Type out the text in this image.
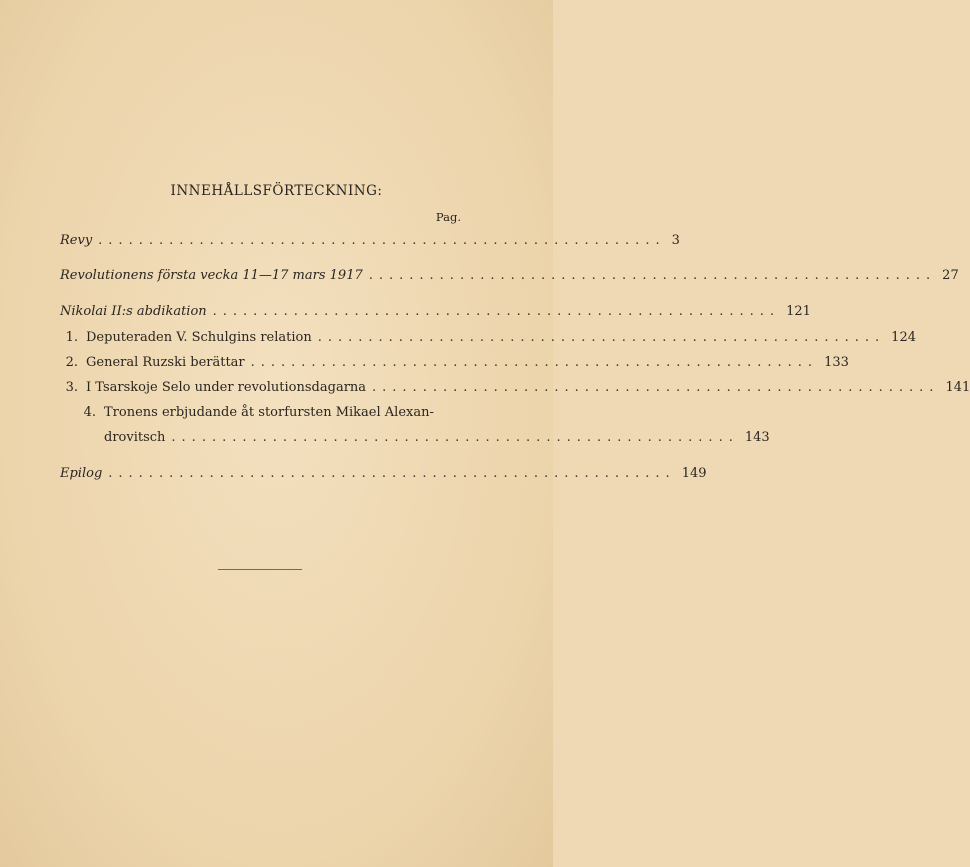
INNEHÅLLSFÖRTECKNING:
Pag.
Revy ........................................................ 3
Revolutionens första vecka 11—17 mars 1917 ........................................................ 27
Nikolai II:s abdikation ........................................................ 121
1. Deputeraden V. Schulgins relation ........................................................ 124
2. General Ruzski berättar ........................................................ 133
3. I Tsarskoje Selo under revolutionsdagarna ........................................................ 141
4. Tronens erbjudande åt storfursten Mikael Alexan-
drovitsch ........................................................ 143
Epilog ........................................................ 149
